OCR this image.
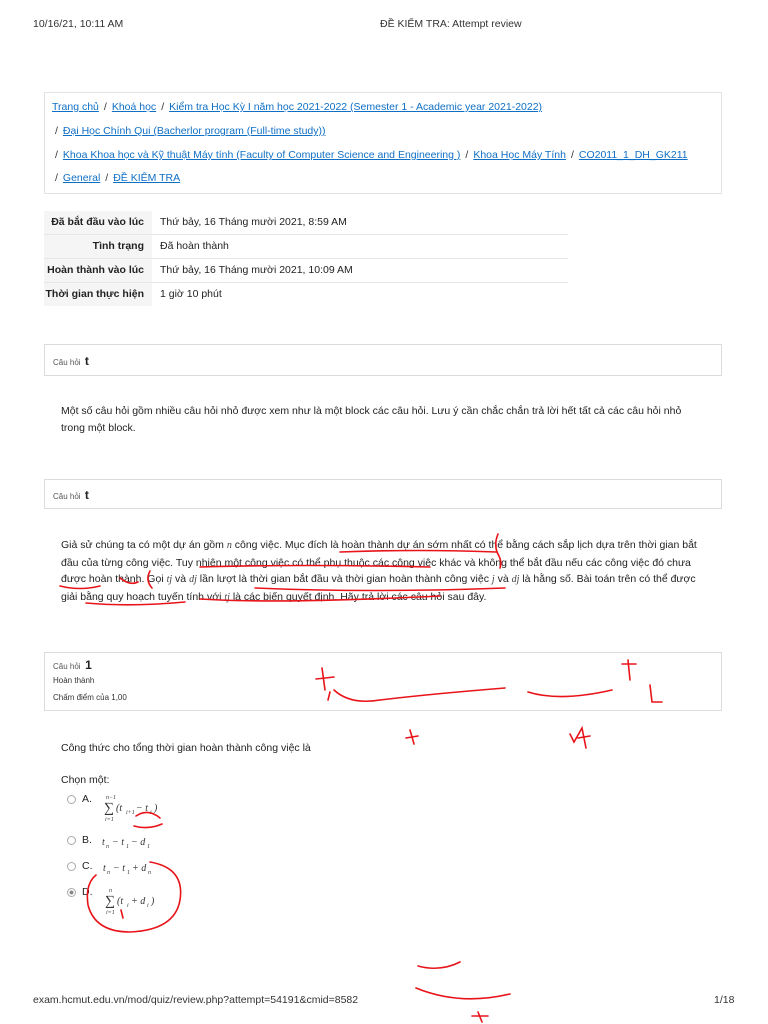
10/16/21, 10:11 AM	ĐỀ KIỂM TRA: Attempt review
Trang chủ / Khoá học / Kiểm tra Học Kỳ I năm học 2021-2022 (Semester 1 - Academic year 2021-2022)
/ Đại Học Chính Qui (Bacherlor program (Full-time study))
/ Khoa Khoa học và Kỹ thuật Máy tính (Faculty of Computer Science and Engineering ) / Khoa Học Máy Tính / CO2011_1_DH_GK211
/ General / ĐỀ KIỂM TRA
Đã bắt đầu vào lúc	Thứ bảy, 16 Tháng mười 2021, 8:59 AM
Tình trạng	Đã hoàn thành
Hoàn thành vào lúc	Thứ bảy, 16 Tháng mười 2021, 10:09 AM
Thời gian thực hiện	1 giờ 10 phút
Câu hỏi t
Một số câu hỏi gồm nhiều câu hỏi nhỏ được xem như là một block các câu hỏi. Lưu ý cần chắc chắn trả lời hết tất cả các câu hỏi nhỏ trong một block.
Câu hỏi t
Giả sử chúng ta có một dự án gồm n công việc. Mục đích là hoàn thành dự án sớm nhất có thể bằng cách sắp lịch dựa trên thời gian bắt đầu của từng công việc. Tuy nhiên một công việc có thể phụ thuộc các công việc khác và không thể bắt đầu nếu các công việc đó chưa được hoàn thành. Gọi tj và dj lần lượt là thời gian bắt đầu và thời gian hoàn thành công việc j và dj là hằng số. Bài toán trên có thể được giải bằng quy hoạch tuyến tính với tj là các biến quyết định. Hãy trả lời các câu hỏi sau đây.
Câu hỏi 1
Hoàn thành
Chấm điểm của 1,00
Công thức cho tổng thời gian hoàn thành công việc là
Chọn một:
A. n−1
∑
i=1
(t i+1 − t i )
B. t n − t 1 − d 1
C. t n − t 1 + d n
D.	n
∑
i=1
(t i + d i )
exam.hcmut.edu.vn/mod/quiz/review.php?attempt=54191&cmid=8582	1/18
